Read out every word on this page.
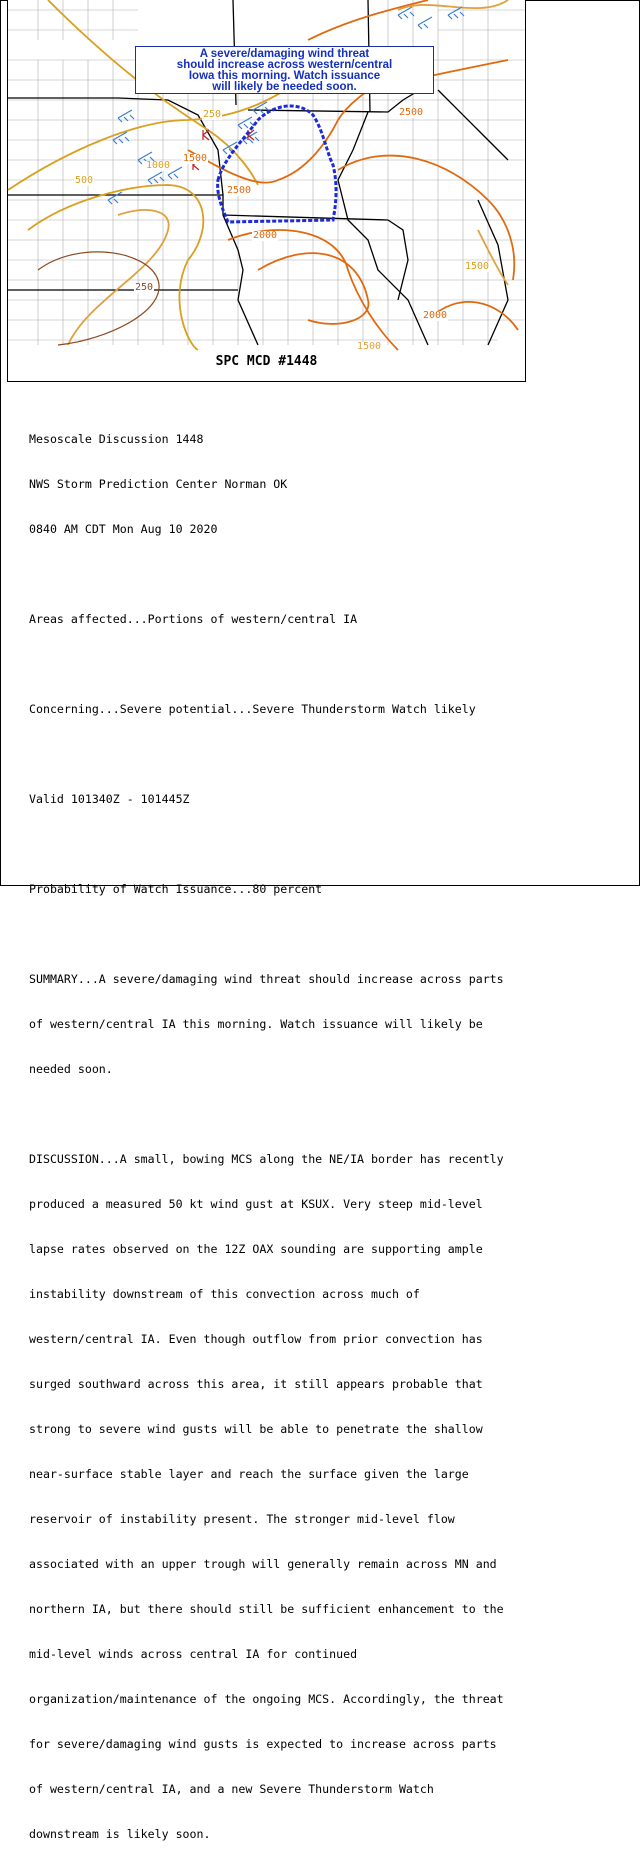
250
2500
1000
1500
500
2500
2000
250
1500
2000
1500
A severe/damaging wind threat
should increase across western/central
Iowa this morning. Watch issuance
will likely be needed soon.
SPC MCD #1448

Mesoscale Discussion 1448

NWS Storm Prediction Center Norman OK

0840 AM CDT Mon Aug 10 2020

Areas affected...Portions of western/central IA

Concerning...Severe potential...Severe Thunderstorm Watch likely

Valid 101340Z - 101445Z

Probability of Watch Issuance...80 percent

SUMMARY...A severe/damaging wind threat should increase across parts

of western/central IA this morning. Watch issuance will likely be

needed soon.

DISCUSSION...A small, bowing MCS along the NE/IA border has recently

produced a measured 50 kt wind gust at KSUX. Very steep mid-level

lapse rates observed on the 12Z OAX sounding are supporting ample

instability downstream of this convection across much of

western/central IA. Even though outflow from prior convection has

surged southward across this area, it still appears probable that

strong to severe wind gusts will be able to penetrate the shallow

near-surface stable layer and reach the surface given the large

reservoir of instability present. The stronger mid-level flow

associated with an upper trough will generally remain across MN and

northern IA, but there should still be sufficient enhancement to the

mid-level winds across central IA for continued

organization/maintenance of the ongoing MCS. Accordingly, the threat

for severe/damaging wind gusts is expected to increase across parts

of western/central IA, and a new Severe Thunderstorm Watch

downstream is likely soon.
